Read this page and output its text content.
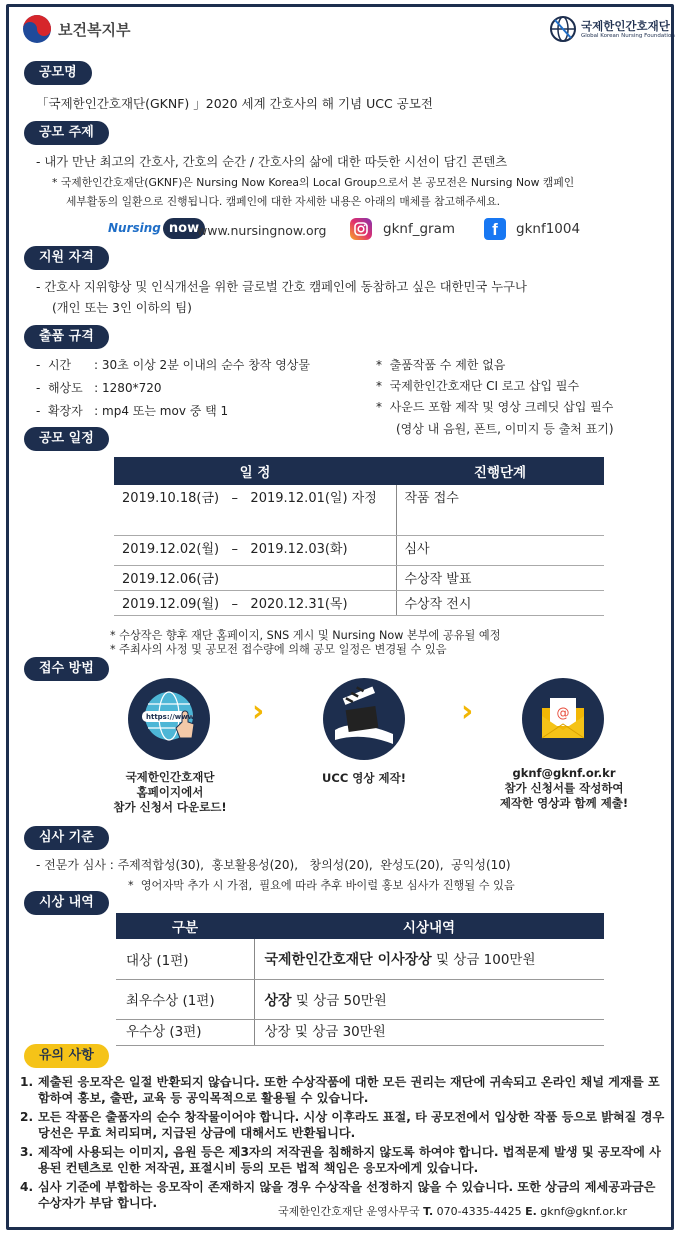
보건복지부	국제한인간호재단
Global Korean Nursing Foundation
공모명
「국제한인간호재단(GKNF) 」2020 세계 간호사의 해 기념 UCC 공모전
공모 주제
- 내가 만난 최고의 간호사, 간호의 순간 / 간호사의 삶에 대한 따듯한 시선이 담긴 콘텐츠
* 국제한인간호재단(GKNF)은 Nursing Now Korea의 Local Group으로서 본 공모전은 Nursing Now 캠페인
세부활동의 일환으로 진행됩니다. 캠페인에 대한 자세한 내용은 아래의 매체를 참고해주세요.
Nursing now
www.nursingnow.org	gknf_gram	f	gknf1004
지원 자격
- 간호사 지위향상 및 인식개선을 위한 글로벌 간호 캠페인에 동참하고 싶은 대한민국 누구나
(개인 또는 3인 이하의 팀)
출품 규격
-  시간      : 30초 이상 2분 이내의 순수 창작 영상물
-  해상도   : 1280*720
-  확장자   : mp4 또는 mov 중 택 1
*  출품작품 수 제한 없음
*  국제한인간호재단 CI 로고 삽입 필수
*  사운드 포함 제작 및 영상 크레딧 삽입 필수
(영상 내 음원, 폰트, 이미지 등 출처 표기)
공모 일정
일 정	진행단계
2019.10.18(금)   –   2019.12.01(일) 자정	작품 접수
2019.12.02(월)   –   2019.12.03(화)	심사
2019.12.06(금)	수상작 발표
2019.12.09(월)   –   2020.12.31(목)	수상작 전시
* 수상작은 향후 재단 홈페이지, SNS 게시 및 Nursing Now 본부에 공유될 예정
* 주최사의 사정 및 공모전 접수량에 의해 공모 일정은 변경될 수 있음
접수 방법
https://www ›	›	@
국제한인간호재단
홈페이지에서
참가 신청서 다운로드!
UCC 영상 제작!	gknf@gknf.or.kr
참가 신청서를 작성하여
제작한 영상과 함께 제출!
심사 기준
- 전문가 심사 : 주제적합성(30),  홍보활용성(20),   창의성(20),  완성도(20),  공익성(10)
*  영어자막 추가 시 가점,  필요에 따라 추후 바이럴 홍보 심사가 진행될 수 있음
시상 내역
구분	시상내역
대상 (1편)	국제한인간호재단 이사장상 및 상금 100만원
최우수상 (1편)	상장 및 상금 50만원
우수상 (3편)	상장 및 상금 30만원
유의 사항
1. 제출된 응모작은 일절 반환되지 않습니다. 또한 수상작품에 대한 모든 권리는 재단에 귀속되고 온라인 채널 게재를 포함하여 홍보, 출판, 교육 등 공익목적으로 활용될 수 있습니다.
2. 모든 작품은 출품자의 순수 창작물이어야 합니다. 시상 이후라도 표절, 타 공모전에서 입상한 작품 등으로 밝혀질 경우 당선은 무효 처리되며, 지급된 상금에 대해서도 반환됩니다.
3. 제작에 사용되는 이미지, 음원 등은 제3자의 저작권을 침해하지 않도록 하여야 합니다. 법적문제 발생 및 공모작에 사용된 컨텐츠로 인한 저작권, 표절시비 등의 모든 법적 책임은 응모자에게 있습니다.
4. 심사 기준에 부합하는 응모작이 존재하지 않을 경우 수상작을 선정하지 않을 수 있습니다. 또한 상금의 제세공과금은 수상자가 부담 합니다.
국제한인간호재단 운영사무국 T. 070-4335-4425 E. gknf@gknf.or.kr
